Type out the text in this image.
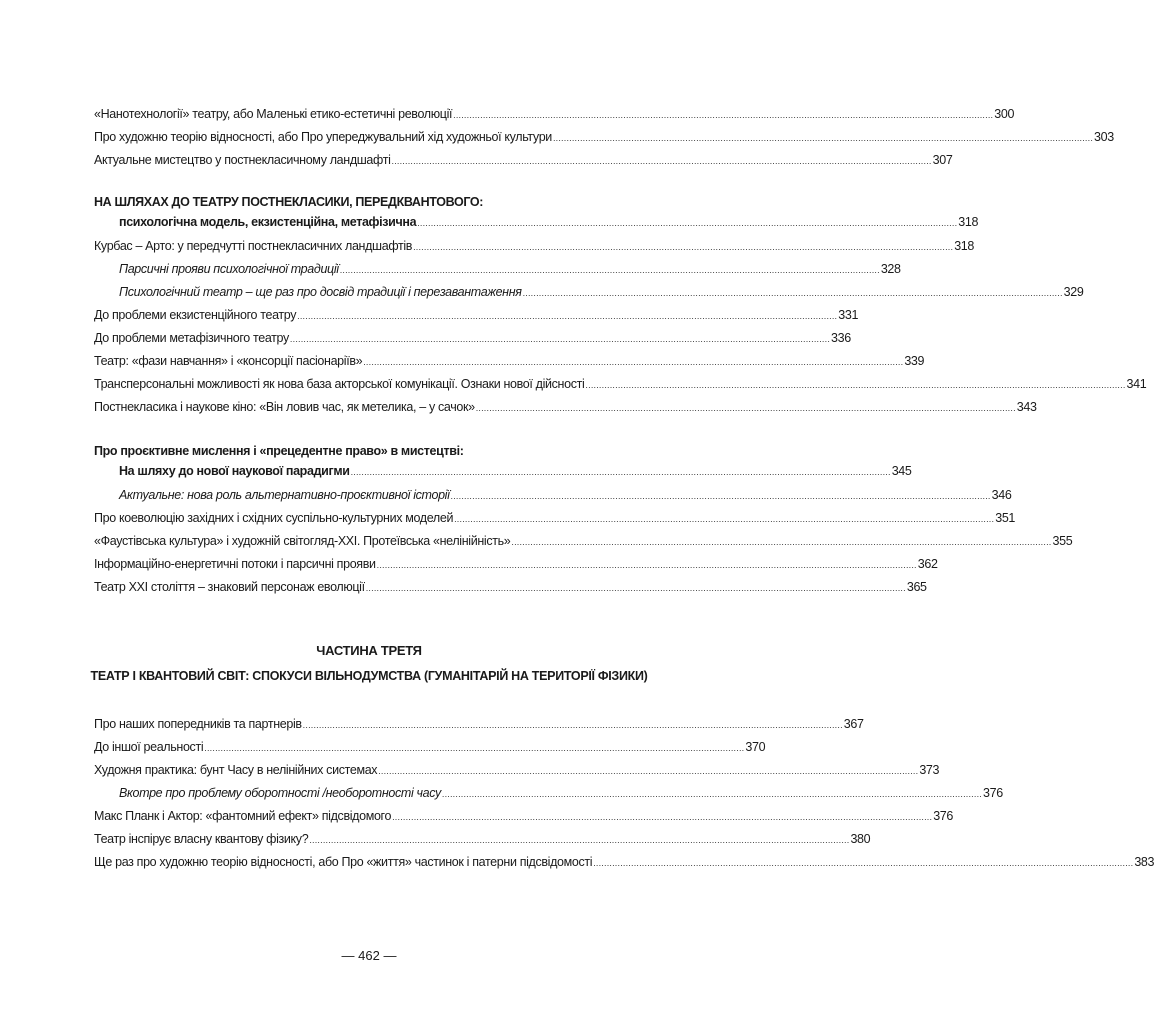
«Нанотехнології» театру, або Маленькі етико-естетичні революції ........................................................................................................................................................................................................ 300
Про художню теорію відносності, або Про упереджувальний хід художньої культури ........................................................................................................................................................................................................ 303
Актуальне мистецтво у постнекласичному ландшафті ........................................................................................................................................................................................................ 307
НА ШЛЯХАХ ДО ТЕАТРУ ПОСТНЕКЛАСИКИ, ПЕРЕДКВАНТОВОГО:
психологічна модель, екзистенційна, метафізична ........................................................................................................................................................................................................ 318
Курбас – Арто: у передчутті постнекласичних ландшафтів ........................................................................................................................................................................................................ 318
Парсичні прояви психологічної традиції ........................................................................................................................................................................................................ 328
Психологічний театр – ще раз про досвід традиції і перезавантаження ........................................................................................................................................................................................................ 329
До проблеми екзистенційного театру ........................................................................................................................................................................................................ 331
До проблеми метафізичного театру ........................................................................................................................................................................................................ 336
Театр: «фази навчання» і «консорції пасіонаріїв» ........................................................................................................................................................................................................ 339
Трансперсональні можливості як нова база акторської комунікації. Ознаки нової дійсності ........................................................................................................................................................................................................ 341
Постнекласика і наукове кіно: «Він ловив час, як метелика, – у сачок» ........................................................................................................................................................................................................ 343
Про проєктивне мислення і «прецедентне право» в мистецтві:
На шляху до нової наукової парадигми ........................................................................................................................................................................................................ 345
Актуальне: нова роль альтернативно-проєктивної історії ........................................................................................................................................................................................................ 346
Про коеволюцію західних і східних суспільно-культурних моделей ........................................................................................................................................................................................................ 351
«Фаустівська культура» і художній світогляд-ХХІ. Протеївська «нелінійність» ........................................................................................................................................................................................................ 355
Інформаційно-енергетичні потоки і парсичні прояви ........................................................................................................................................................................................................ 362
Театр ХХІ століття – знаковий персонаж еволюції ........................................................................................................................................................................................................ 365
ЧАСТИНА ТРЕТЯ
ТЕАТР І КВАНТОВИЙ СВІТ: СПОКУСИ ВІЛЬНОДУМСТВА (ГУМАНІТАРІЙ НА ТЕРИТОРІЇ ФІЗИКИ)
Про наших попередників та партнерів ........................................................................................................................................................................................................ 367
До іншої реальності ........................................................................................................................................................................................................ 370
Художня практика: бунт Часу в нелінійних системах ........................................................................................................................................................................................................ 373
Вкотре про проблему оборотності /необоротності часу ........................................................................................................................................................................................................ 376
Макс Планк і Актор: «фантомний ефект» підсвідомого ........................................................................................................................................................................................................ 376
Театр інспірує власну квантову фізику? ........................................................................................................................................................................................................ 380
Ще раз про художню теорію відносності, або Про «життя» частинок і патерни підсвідомості ........................................................................................................................................................................................................ 383
— 462 —
